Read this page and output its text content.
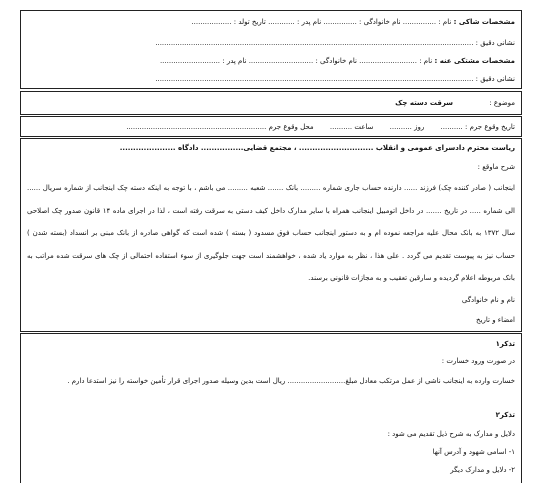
مشخصات شاکی : نام : ............... نام خانوادگی : ............... نام پدر : ............ تاریخ تولد : ..................
نشانی دقیق : ...............................................................................................................................................
مشخصات مشتکی عنه : نام : .......................... نام خانوادگی : ............................. نام پدر : ...........................
نشانی دقیق : ...............................................................................................................................................
موضوع : سرقت دسته چک
تاریخ وقوع جرم : .......... روز .......... ساعت .......... محل وقوع جرم ...............................................................
ریاست محترم دادسرای عمومی و انقلاب ............................ ، مجتمع قضایی................ دادگاه .....................
شرح ماوقع :
اینجانب ( صادر کننده چک) فرزند ...... دارنده حساب جاری شماره ......... بانک ....... شعبه ......... می باشم ، با توجه به اینکه دسته چک اینجانب از شماره سریال ...... الی شماره ..... در تاریخ ....... در داخل اتومبیل اینجانب همراه با سایر مدارک داخل کیف دستی به سرقت رفته است ، لذا در اجرای ماده ۱۴ قانون صدور چک اصلاحی سال ۱۳۷۲ به بانک محال علیه مراجعه نموده ام و به دستور اینجانب حساب فوق مسدود ( بسته ) شده است که گواهی صادره از بانک مبنی بر انسداد (بسته شدن ) حساب نیز به پیوست تقدیم می گردد . علی هذا ، نظر به موارد یاد شده ، خواهشمند است جهت جلوگیری از سوء استفاده احتمالی از چک های سرقت شده مراتب به بانک مربوطه اعلام گردیده و سارقین تعقیب و به مجازات قانونی برسند.
نام و نام خانوادگی
امضاء و تاریخ
تذکر۱
در صورت ورود خسارت :
خسارت وارده به اینجانب ناشی از عمل مرتکب معادل مبلغ.......................... ریال است بدین وسیله صدور اجرای قرار تأمین خواسته را نیز استدعا دارم .
تذکر۲
دلایل و مدارک به شرح ذیل تقدیم می شود :
۱- اسامی شهود و آدرس آنها
۲- دلایل و مدارک دیگر
